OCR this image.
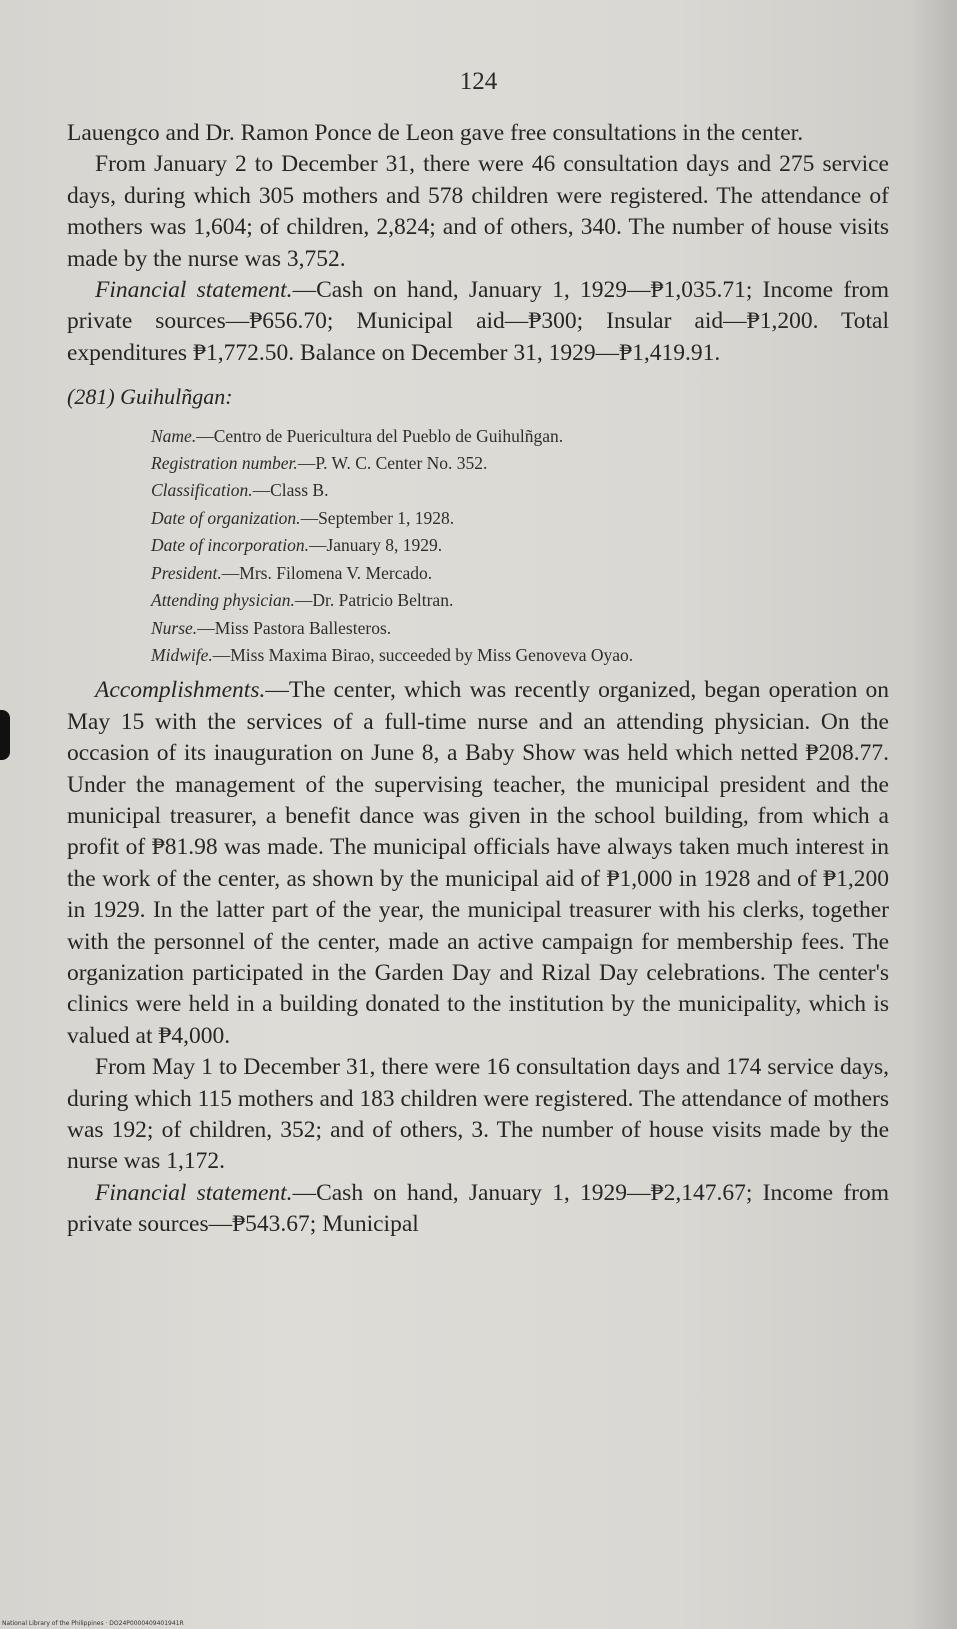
124

Lauengco and Dr. Ramon Ponce de Leon gave free consultations in the center.

From January 2 to December 31, there were 46 consultation days and 275 service days, during which 305 mothers and 578 children were registered. The attendance of mothers was 1,604; of children, 2,824; and of others, 340. The number of house visits made by the nurse was 3,752.

Financial statement.—Cash on hand, January 1, 1929—₱1,035.71; Income from private sources—₱656.70; Municipal aid—₱300; Insular aid—₱1,200. Total expenditures ₱1,772.50. Balance on December 31, 1929—₱1,419.91.

(281) Guihulñgan:

Name.—Centro de Puericultura del Pueblo de Guihulñgan.
Registration number.—P. W. C. Center No. 352.
Classification.—Class B.
Date of organization.—September 1, 1928.
Date of incorporation.—January 8, 1929.
President.—Mrs. Filomena V. Mercado.
Attending physician.—Dr. Patricio Beltran.
Nurse.—Miss Pastora Ballesteros.
Midwife.—Miss Maxima Birao, succeeded by Miss Genoveva Oyao.

Accomplishments.—The center, which was recently organized, began operation on May 15 with the services of a full-time nurse and an attending physician. On the occasion of its inauguration on June 8, a Baby Show was held which netted ₱208.77. Under the management of the supervising teacher, the municipal president and the municipal treasurer, a benefit dance was given in the school building, from which a profit of ₱81.98 was made. The municipal officials have always taken much interest in the work of the center, as shown by the municipal aid of ₱1,000 in 1928 and of ₱1,200 in 1929. In the latter part of the year, the municipal treasurer with his clerks, together with the personnel of the center, made an active campaign for membership fees. The organization participated in the Garden Day and Rizal Day celebrations. The center's clinics were held in a building donated to the institution by the municipality, which is valued at ₱4,000.

From May 1 to December 31, there were 16 consultation days and 174 service days, during which 115 mothers and 183 children were registered. The attendance of mothers was 192; of children, 352; and of others, 3. The number of house visits made by the nurse was 1,172.

Financial statement.—Cash on hand, January 1, 1929—₱2,147.67; Income from private sources—₱543.67; Municipal

National Library of the Philippines · DO24P0000409401941R
